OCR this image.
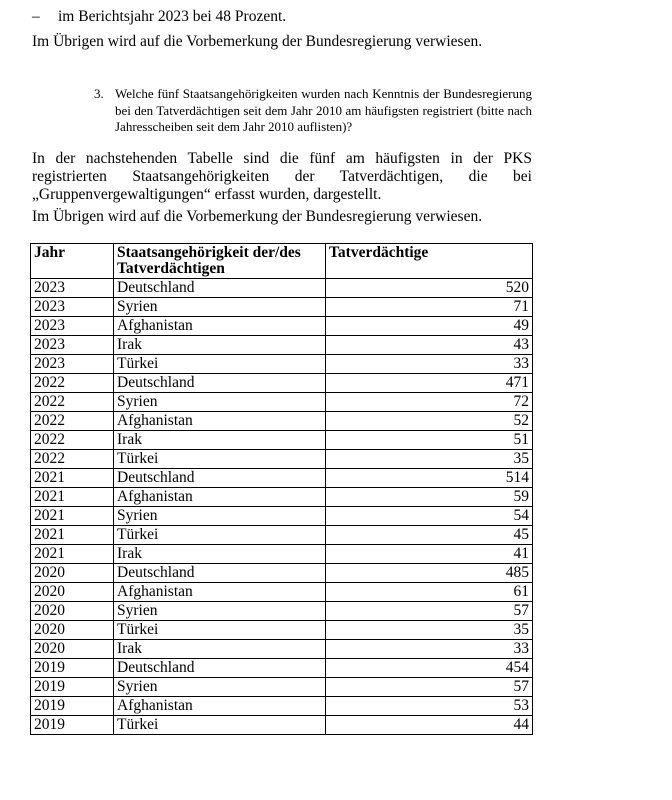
– im Berichtsjahr 2023 bei 48 Prozent.

Im Übrigen wird auf die Vorbemerkung der Bundesregierung verwiesen.

3. Welche fünf Staatsangehörigkeiten wurden nach Kenntnis der Bundesregierung bei den Tatverdächtigen seit dem Jahr 2010 am häufigsten registriert (bitte nach Jahresscheiben seit dem Jahr 2010 auflisten)?

In der nachstehenden Tabelle sind die fünf am häufigsten in der PKS registrierten Staatsangehörigkeiten der Tatverdächtigen, die bei „Gruppenvergewaltigungen“ erfasst wurden, dargestellt.

Im Übrigen wird auf die Vorbemerkung der Bundesregierung verwiesen.

Jahr	Staatsangehörigkeit der/des Tatverdächtigen	Tatverdächtige
2023	Deutschland	520
2023	Syrien	71
2023	Afghanistan	49
2023	Irak	43
2023	Türkei	33
2022	Deutschland	471
2022	Syrien	72
2022	Afghanistan	52
2022	Irak	51
2022	Türkei	35
2021	Deutschland	514
2021	Afghanistan	59
2021	Syrien	54
2021	Türkei	45
2021	Irak	41
2020	Deutschland	485
2020	Afghanistan	61
2020	Syrien	57
2020	Türkei	35
2020	Irak	33
2019	Deutschland	454
2019	Syrien	57
2019	Afghanistan	53
2019	Türkei	44
